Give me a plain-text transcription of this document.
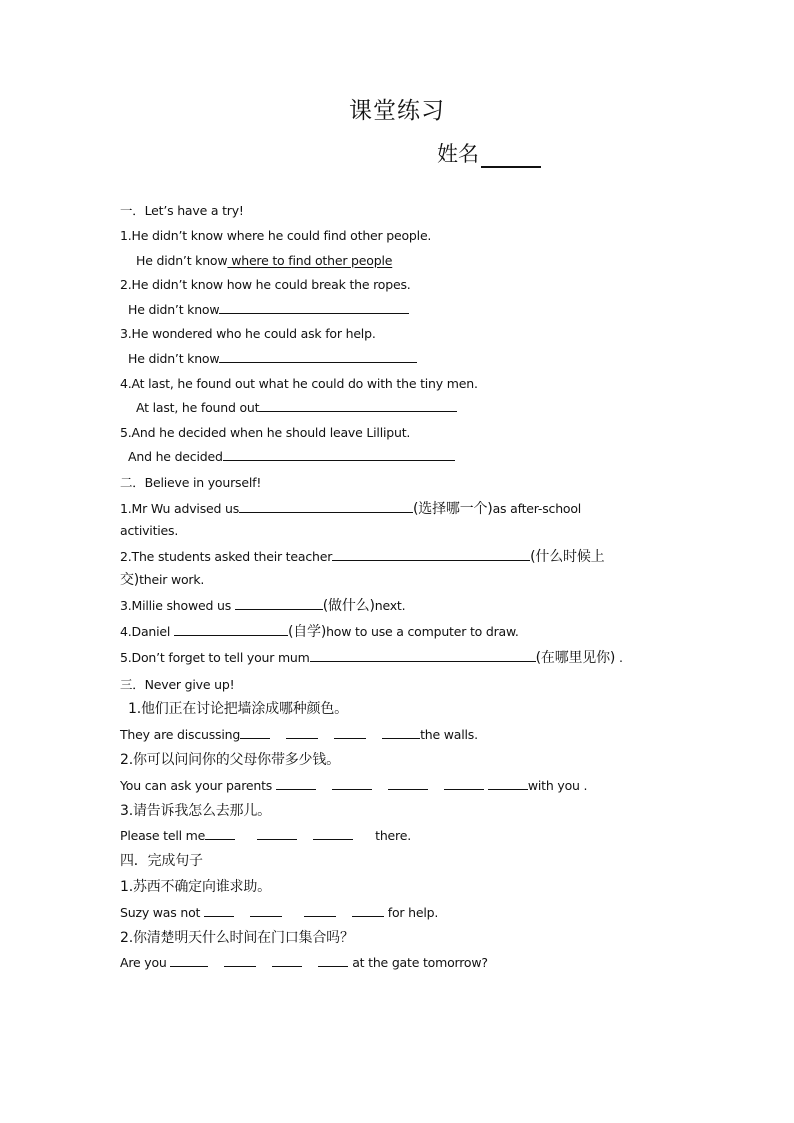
课堂练习
姓名
一．Let’s have a try!
1.He didn’t know where he could find other people.
He didn’t know where to find other people
2.He didn’t know how he could break the ropes.
He didn’t know
3.He wondered who he could ask for help.
He didn’t know
4.At last, he found out what he could do with the tiny men.
At last, he found out
5.And he decided when he should leave Lilliput.
And he decided
二．Believe in yourself!
1.Mr Wu advised us	(选择哪一个)as after-school
activities.
2.The students asked their teacher	(什么时候上
交)their work.
3.Millie showed us	(做什么)next.
4.Daniel	(自学)how to use a computer to draw.
5.Don’t forget to tell your mum	(在哪里见你) .
三．Never give up!
1.他们正在讨论把墙涂成哪种颜色。
They are discussing	the walls.
2.你可以问问你的父母你带多少钱。
You can ask your parents	with you .
3.请告诉我怎么去那儿。
Please tell me	there.
四．完成句子
1.苏西不确定向谁求助。
Suzy was not	for help.
2.你清楚明天什么时间在门口集合吗？
Are you	at the gate tomorrow?
